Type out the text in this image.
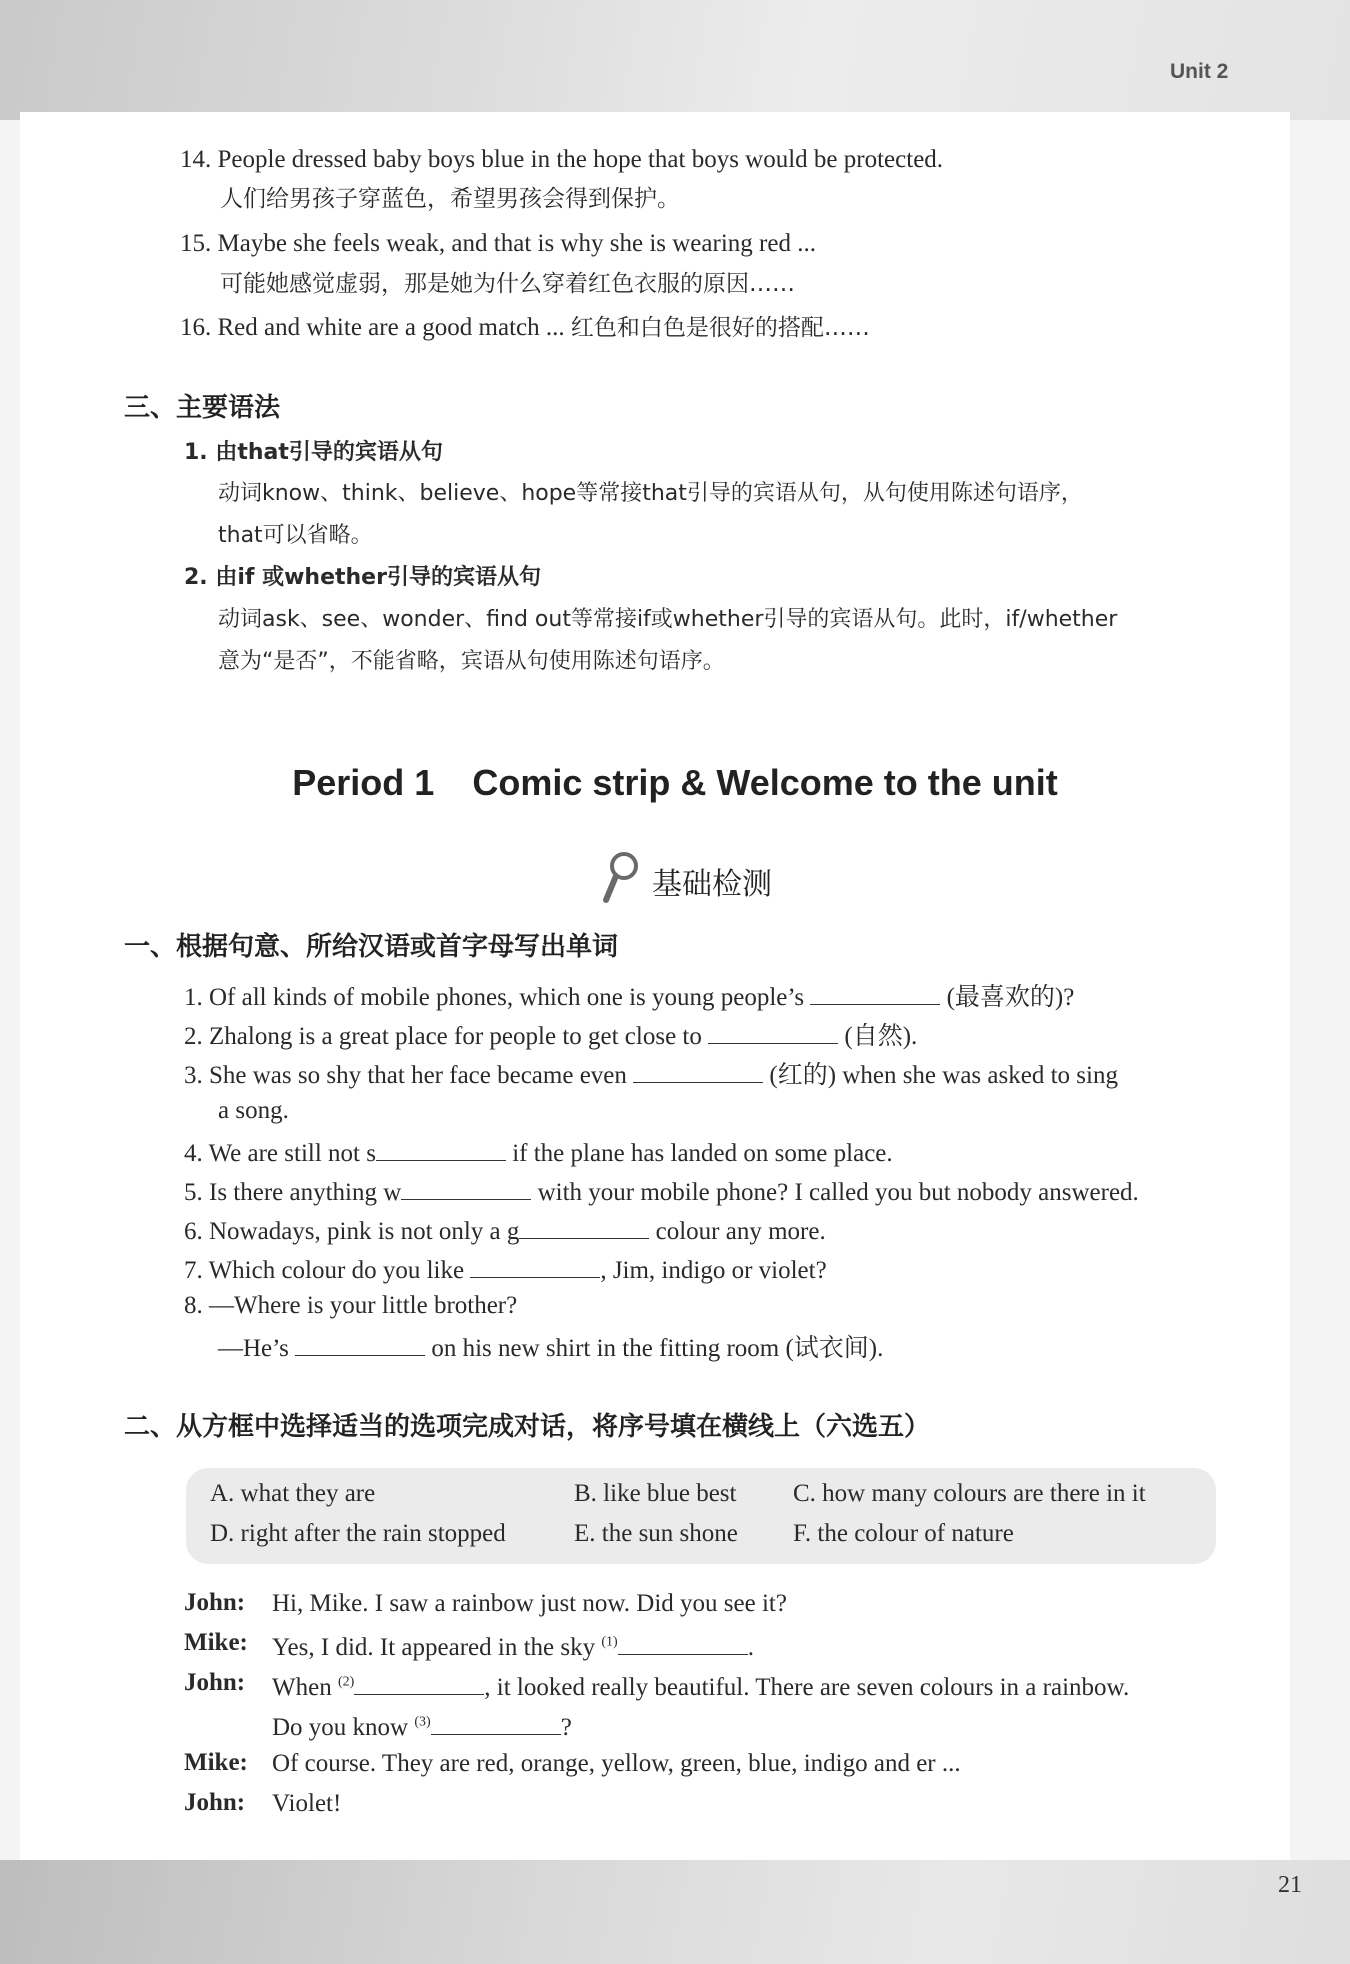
Unit 2
21
14. People dressed baby boys blue in the hope that boys would be protected.
人们给男孩子穿蓝色，希望男孩会得到保护。
15. Maybe she feels weak, and that is why she is wearing red ...
可能她感觉虚弱，那是她为什么穿着红色衣服的原因……
16. Red and white are a good match ... 红色和白色是很好的搭配……
三、主要语法
1. 由that引导的宾语从句
动词know、think、believe、hope等常接that引导的宾语从句，从句使用陈述句语序，
that可以省略。
2. 由if 或whether引导的宾语从句
动词ask、see、wonder、find out等常接if或whether引导的宾语从句。此时，if/whether
意为“是否”，不能省略，宾语从句使用陈述句语序。
Period 1 Comic strip & Welcome to the unit
基础检测
一、根据句意、所给汉语或首字母写出单词
1. Of all kinds of mobile phones, which one is young people’s	(最喜欢的)?
2. Zhalong is a great place for people to get close to	(自然).
3. She was so shy that her face became even	(红的) when she was asked to sing
a song.
4. We are still not s	if the plane has landed on some place.
5. Is there anything w	with your mobile phone? I called you but nobody answered.
6. Nowadays, pink is not only a g	colour any more.
7. Which colour do you like	, Jim, indigo or violet?
8. —Where is your little brother?
—He’s	on his new shirt in the fitting room (试衣间).
二、从方框中选择适当的选项完成对话，将序号填在横线上（六选五）
A. what they are	B. like blue best C. how many colours are there in it
D. right after the rain stopped	E. the sun shone F. the colour of nature
John: Hi, Mike. I saw a rainbow just now. Did you see it?
Mike: Yes, I did. It appeared in the sky $^{(1)}$	.
John: When $^{(2)}$	, it looked really beautiful. There are seven colours in a rainbow.
Do you know $^{(3)}$	?
Mike: Of course. They are red, orange, yellow, green, blue, indigo and er ...
John: Violet!
